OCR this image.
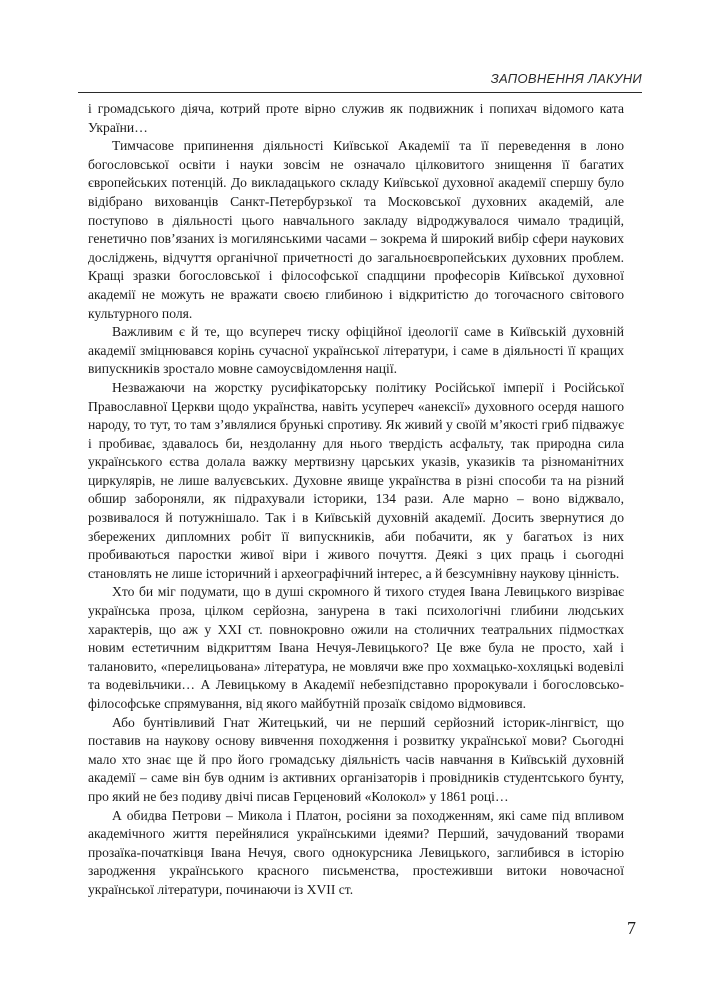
ЗАПОВНЕННЯ ЛАКУНИ

і громадського діяча, котрий проте вірно служив як подвижник і попихач відомого ката України…

Тимчасове припинення діяльності Київської Академії та її переведення в лоно богословської освіти і науки зовсім не означало цілковитого знищення її багатих європейських потенцій. До викладацького складу Київської духовної академії спершу було відібрано вихованців Санкт-Петербурзької та Московської духовних академій, але поступово в діяльності цього навчального закладу відроджувалося чимало традицій, генетично пов’язаних із могилянськими часами – зокрема й широкий вибір сфери наукових досліджень, відчуття органічної причетності до загальноєвропейських духовних проблем. Кращі зразки богословської і філософської спадщини професорів Київської духовної академії не можуть не вражати своєю глибиною і відкритістю до тогочасного світового культурного поля.

Важливим є й те, що всупереч тиску офіційної ідеології саме в Київській духовній академії зміцнювався корінь сучасної української літератури, і саме в діяльності її кращих випускників зростало мовне самоусвідомлення нації.

Незважаючи на жорстку русифікаторську політику Російської імперії і Російської Православної Церкви щодо українства, навіть усупереч «анексії» духовного осердя нашого народу, то тут, то там з’являлися брунькі спротиву. Як живий у своїй м’якості гриб підважує і пробиває, здавалось би, нездоланну для нього твердість асфальту, так природна сила українського єства долала важку мертвизну царських указів, указиків та різноманітних циркулярів, не лише валуєвських. Духовне явище українства в різні способи та на різний обшир забороняли, як підрахували історики, 134 рази. Але марно – воно віджвало, розвивалося й потужнішало. Так і в Київській духовній академії. Досить звернутися до збережених дипломних робіт її випускників, аби побачити, як у багатьох із них пробиваються паростки живої віри і живого почуття. Деякі з цих праць і сьогодні становлять не лише історичний і археографічний інтерес, а й безсумнівну наукову цінність.

Хто би міг подумати, що в душі скромного й тихого студея Івана Левицького визріває українська проза, цілком серйозна, занурена в такі психологічні глибини людських характерів, що аж у ХХІ ст. повнокровно ожили на столичних театральних підмостках новим естетичним відкриттям Івана Нечуя-Левицького? Це вже була не просто, хай і талановито, «перелицьована» література, не мовлячи вже про хохмацько-хохляцькі водевілі та водевільчики… А Левицькому в Академії небезпідставно пророкували і богословсько-філософське спрямування, від якого майбутній прозаїк свідомо відмовився.

Або бунтівливий Гнат Житецький, чи не перший серйозний історик-лінгвіст, що поставив на наукову основу вивчення походження і розвитку української мови? Сьогодні мало хто знає ще й про його громадську діяльність часів навчання в Київській духовній академії – саме він був одним із активних організаторів і провідників студентського бунту, про який не без подиву двічі писав Герценовий «Колокол» у 1861 році…

А обидва Петрови – Микола і Платон, росіяни за походженням, які саме під впливом академічного життя перейнялися українськими ідеями? Перший, зачудований творами прозаїка-початківця Івана Нечуя, свого однокурсника Левицького, заглибився в історію зародження українського красного письменства, простеживши витоки новочасної української літератури, починаючи із XVII ст.

7
